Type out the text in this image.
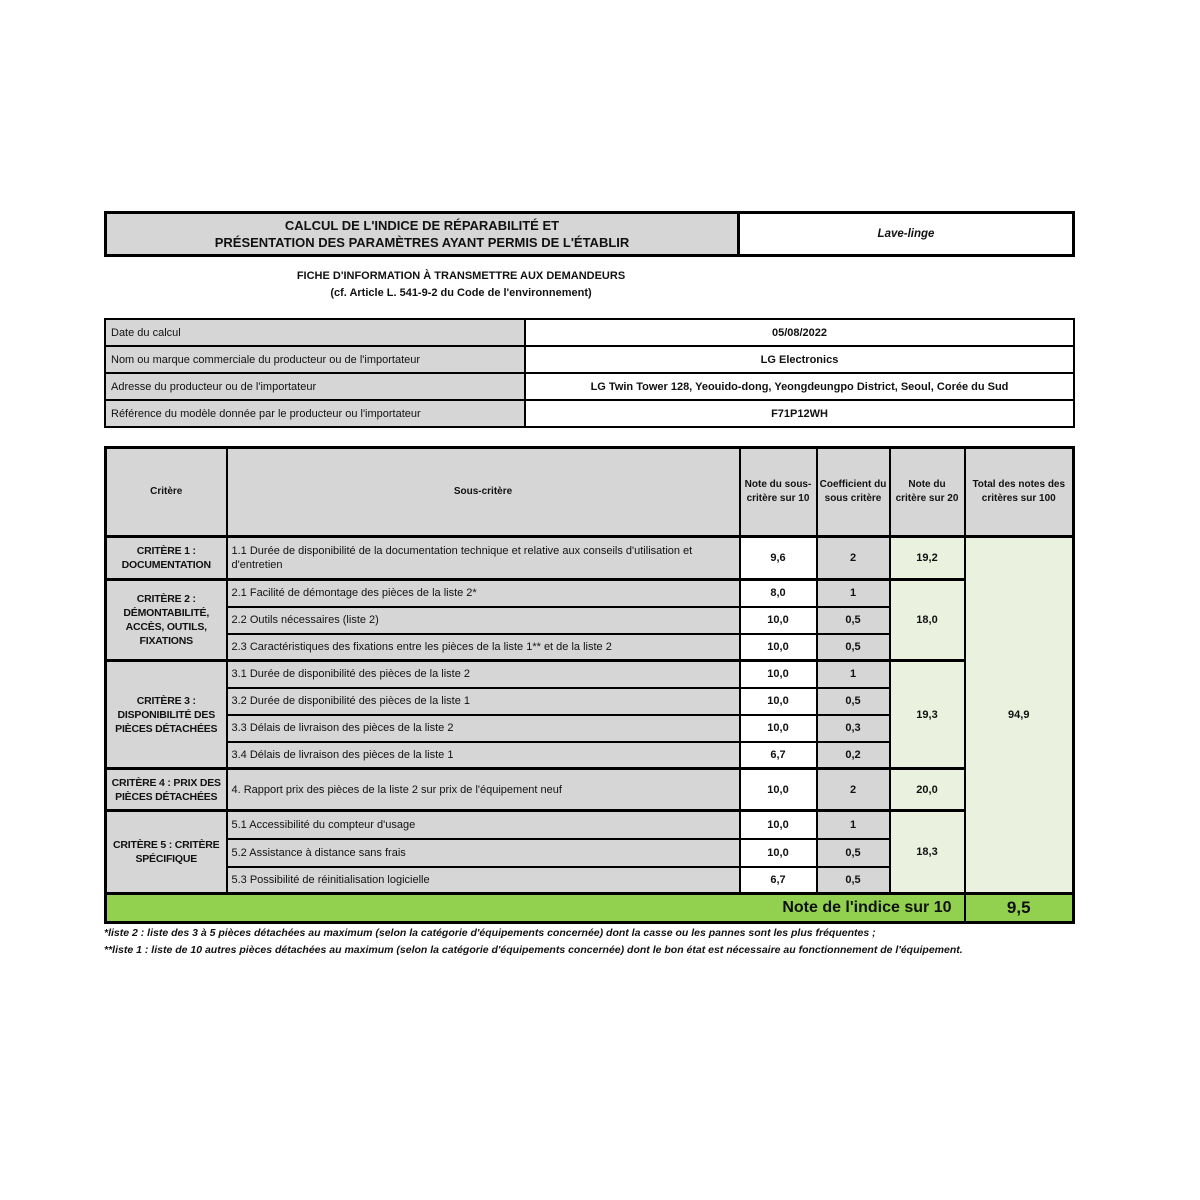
CALCUL DE L'INDICE DE RÉPARABILITÉ ET
PRÉSENTATION DES PARAMÈTRES AYANT PERMIS DE L'ÉTABLIR
Lave-linge
FICHE D'INFORMATION À TRANSMETTRE AUX DEMANDEURS
(cf. Article L. 541-9-2 du Code de l'environnement)
Date du calcul	05/08/2022
Nom ou marque commerciale du producteur ou de l'importateur	LG Electronics
Adresse du producteur ou de l'importateur	LG Twin Tower 128, Yeouido-dong, Yeongdeungpo District, Seoul, Corée du Sud
Référence du modèle donnée par le producteur ou l'importateur	F71P12WH
Critère	Sous-critère	Note du sous-critère sur 10	Coefficient du sous critère	Note du critère sur 20	Total des notes des critères sur 100
CRITÈRE 1 : DOCUMENTATION	1.1 Durée de disponibilité de la documentation technique et relative aux conseils d'utilisation et d'entretien	9,6	2	19,2	94,9
CRITÈRE 2 : DÉMONTABILITÉ, ACCÈS, OUTILS, FIXATIONS	2.1 Facilité de démontage des pièces de la liste 2*	8,0	1	18,0	
	2.2 Outils nécessaires (liste 2)	10,0	0,5		
	2.3 Caractéristiques des fixations entre les pièces de la liste 1** et de la liste 2	10,0	0,5		
CRITÈRE 3 : DISPONIBILITÉ DES PIÈCES DÉTACHÉES	3.1 Durée de disponibilité des pièces de la liste 2	10,0	1	19,3	
	3.2 Durée de disponibilité des pièces de la liste 1	10,0	0,5		
	3.3 Délais de livraison des pièces de la liste 2	10,0	0,3		
	3.4 Délais de livraison des pièces de la liste 1	6,7	0,2		
CRITÈRE 4 : PRIX DES PIÈCES DÉTACHÉES	4. Rapport prix des pièces de la liste 2 sur prix de l'équipement neuf	10,0	2	20,0	
CRITÈRE 5 : CRITÈRE SPÉCIFIQUE	5.1 Accessibilité du compteur d'usage	10,0	1	18,3	
	5.2 Assistance à distance sans frais	10,0	0,5		
	5.3 Possibilité de réinitialisation logicielle	6,7	0,5		
Note de l'indice sur 10					9,5
*liste 2 : liste des 3 à 5 pièces détachées au maximum (selon la catégorie d'équipements concernée) dont la casse ou les pannes sont les plus fréquentes ;
**liste 1 : liste de 10 autres pièces détachées au maximum (selon la catégorie d'équipements concernée) dont le bon état est nécessaire au fonctionnement de l'équipement.
